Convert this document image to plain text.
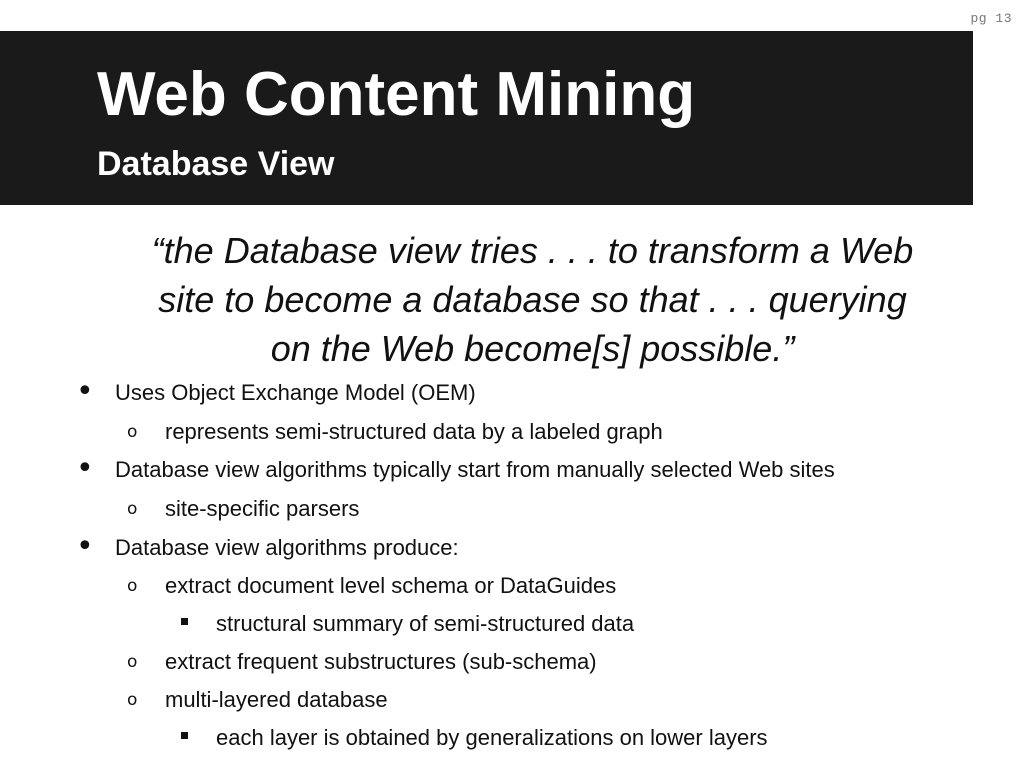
pg 13
Web Content Mining
Database View

“the Database view tries . . . to transform a Web
site to become a database so that . . . querying
on the Web become[s] possible.”

• Uses Object Exchange Model (OEM)
o represents semi-structured data by a labeled graph
• Database view algorithms typically start from manually selected Web sites
o site-specific parsers
• Database view algorithms produce:
o extract document level schema or DataGuides
structural summary of semi-structured data
o extract frequent substructures (sub-schema)
o multi-layered database
each layer is obtained by generalizations on lower layers
